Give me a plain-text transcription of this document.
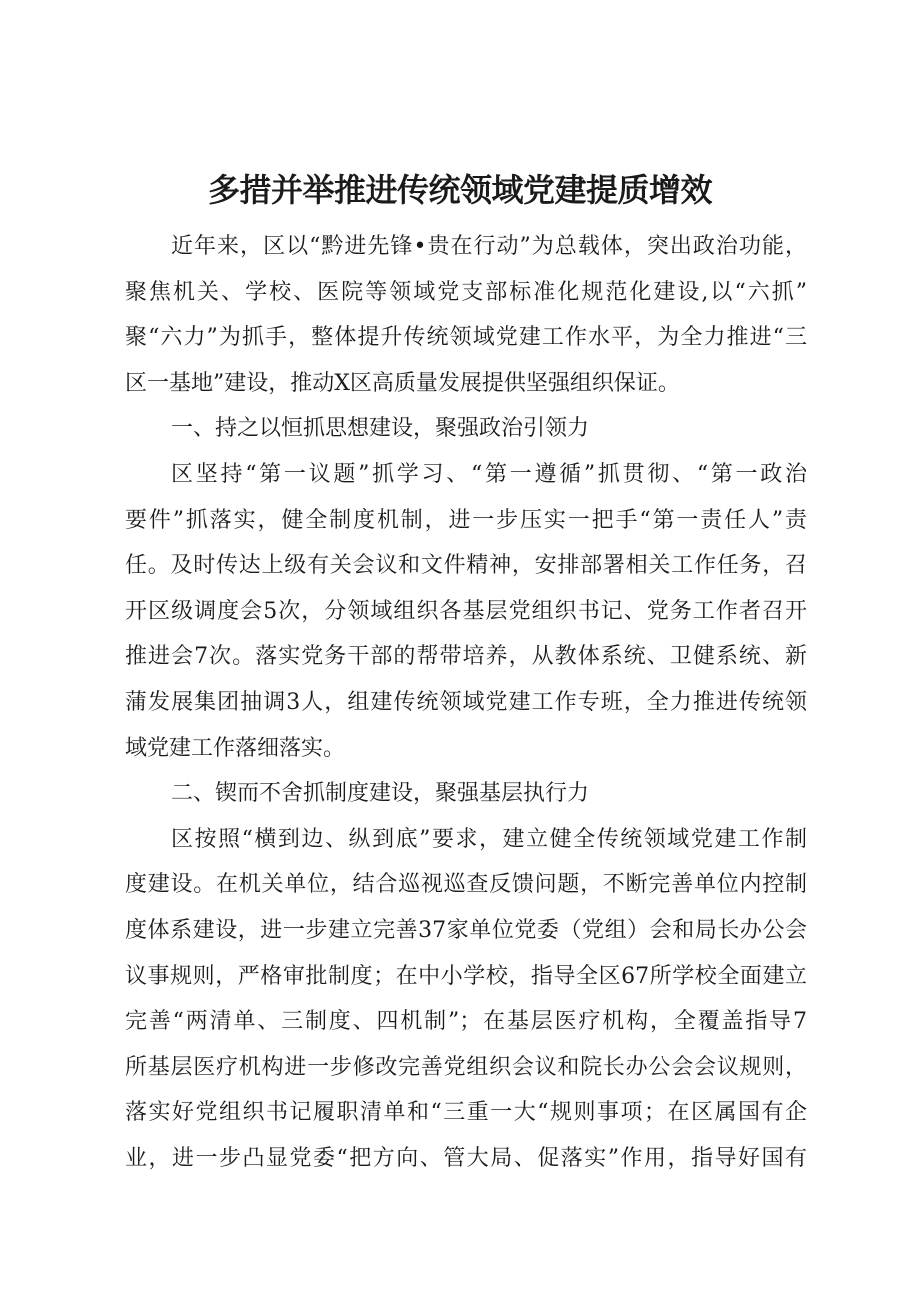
多措并举推进传统领域党建提质增效
近年来，区以“黔进先锋•贵在行动”为总载体，突出政治功能，
聚焦机关、学校、医院等领域党支部标准化规范化建设,以“六抓”
聚“六力”为抓手，整体提升传统领域党建工作水平，为全力推进“三
区一基地”建设，推动X区高质量发展提供坚强组织保证。
一、持之以恒抓思想建设，聚强政治引领力
区坚持“第一议题”抓学习、“第一遵循”抓贯彻、“第一政治
要件”抓落实，健全制度机制，进一步压实一把手“第一责任人”责
任。及时传达上级有关会议和文件精神，安排部署相关工作任务，召
开区级调度会5次，分领域组织各基层党组织书记、党务工作者召开
推进会7次。落实党务干部的帮带培养，从教体系统、卫健系统、新
蒲发展集团抽调3人，组建传统领域党建工作专班，全力推进传统领
域党建工作落细落实。
二、锲而不舍抓制度建设，聚强基层执行力
区按照“横到边、纵到底”要求，建立健全传统领域党建工作制
度建设。在机关单位，结合巡视巡查反馈问题，不断完善单位内控制
度体系建设，进一步建立完善37家单位党委（党组）会和局长办公会
议事规则，严格审批制度；在中小学校，指导全区67所学校全面建立
完善“两清单、三制度、四机制”；在基层医疗机构，全覆盖指导7
所基层医疗机构进一步修改完善党组织会议和院长办公会会议规则，
落实好党组织书记履职清单和“三重一大“规则事项；在区属国有企
业，进一步凸显党委“把方向、管大局、促落实”作用，指导好国有
